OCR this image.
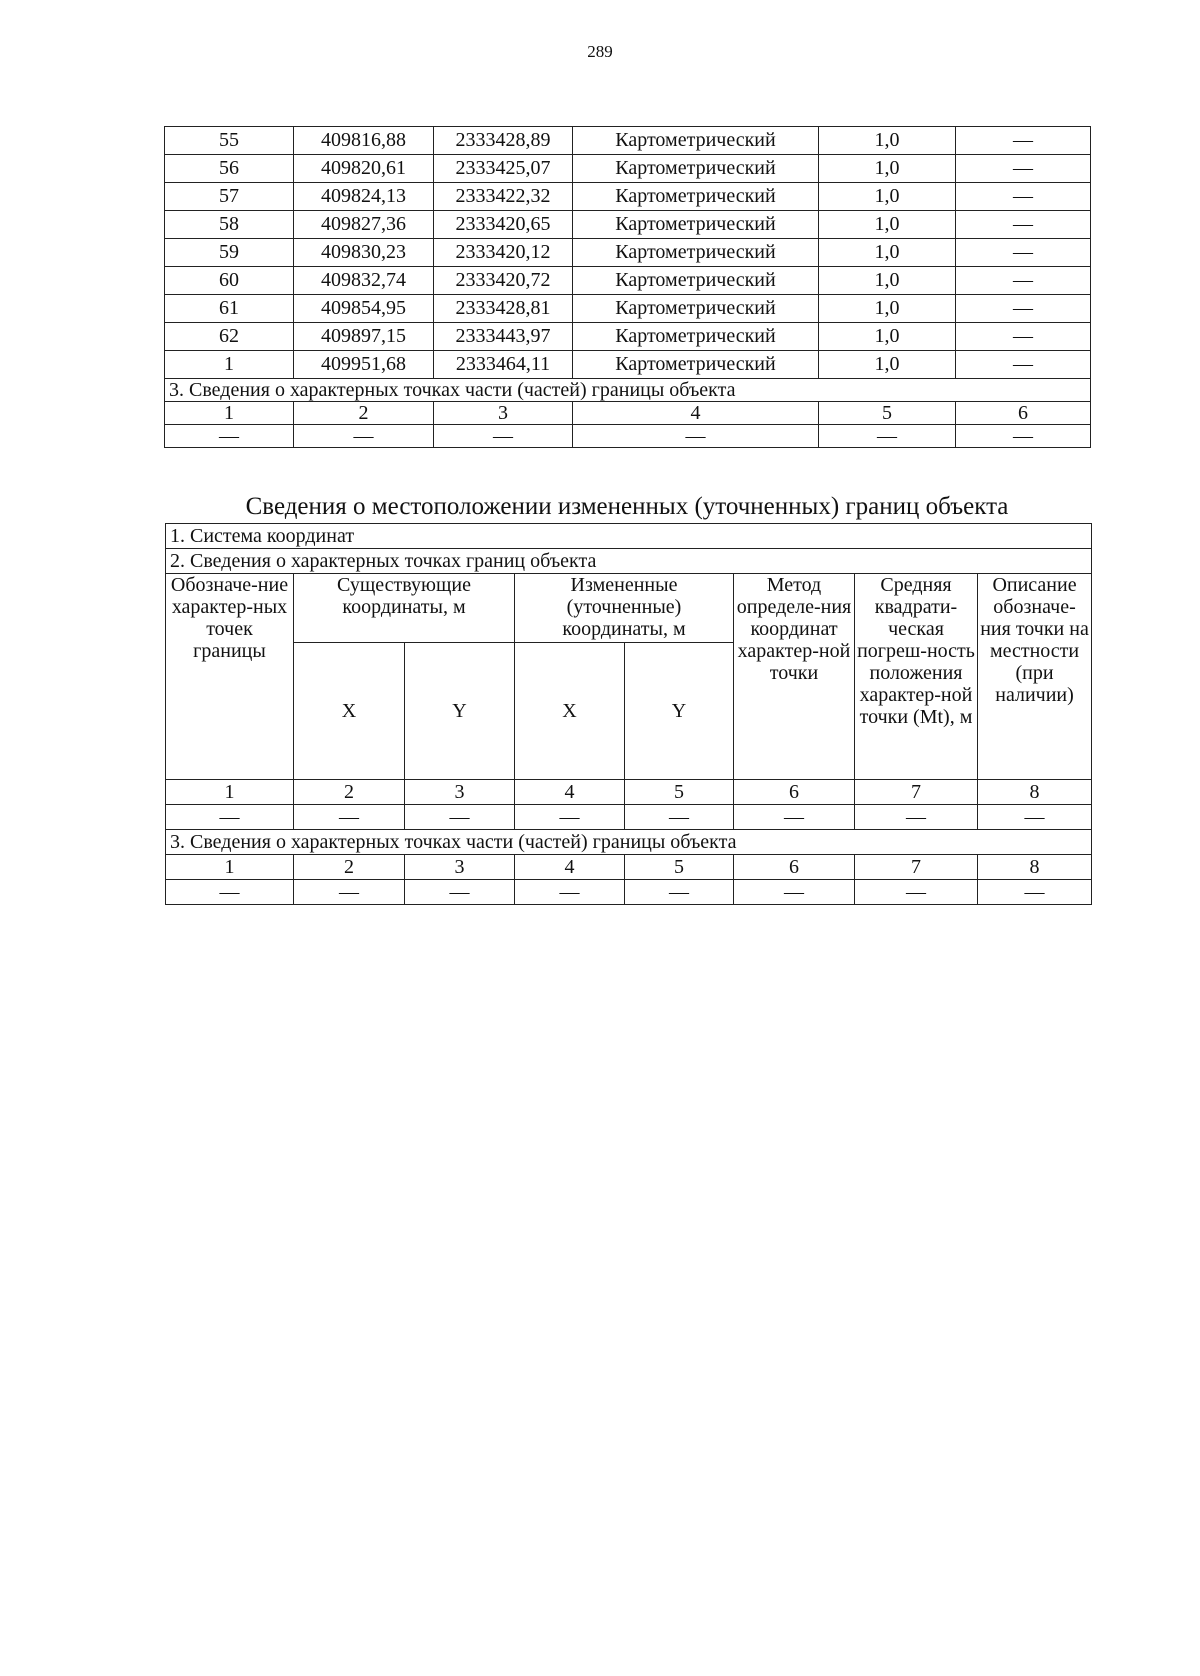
289
55	409816,88	2333428,89	Картометрический	1,0	—
56	409820,61	2333425,07	Картометрический	1,0	—
57	409824,13	2333422,32	Картометрический	1,0	—
58	409827,36	2333420,65	Картометрический	1,0	—
59	409830,23	2333420,12	Картометрический	1,0	—
60	409832,74	2333420,72	Картометрический	1,0	—
61	409854,95	2333428,81	Картометрический	1,0	—
62	409897,15	2333443,97	Картометрический	1,0	—
1	409951,68	2333464,11	Картометрический	1,0	—
3. Сведения о характерных точках части (частей) границы объекта					
1	2	3	4	5	6
—	—	—	—	—	—
Сведения о местоположении измененных (уточненных) границ объекта
1. Система координат							
2. Сведения о характерных точках границ объекта							
Обозначе-ние характер-ных точек границы	Существующие координаты, м		Измененные (уточненные) координаты, м		Метод определе-ния координат характер-ной точки	Средняя квадрати-ческая погреш-ность положения характер-ной точки (Mt), м	Описание обозначе-ния точки на местности (при наличии)
	X	Y	X	Y			
1	2	3	4	5	6	7	8
—	—	—	—	—	—	—	—
3. Сведения о характерных точках части (частей) границы объекта							
1	2	3	4	5	6	7	8
—	—	—	—	—	—	—	—
